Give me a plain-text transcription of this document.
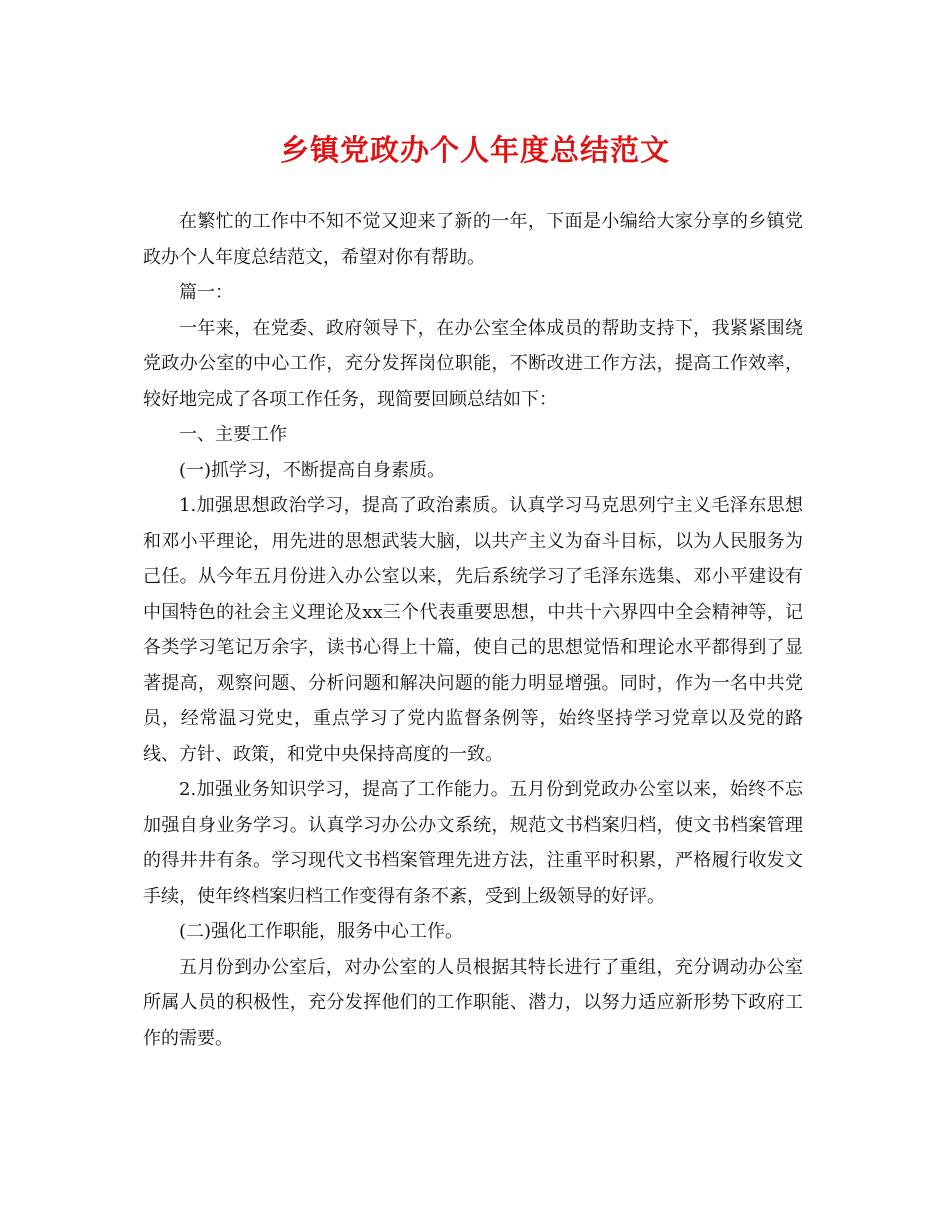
乡镇党政办个人年度总结范文

在繁忙的工作中不知不觉又迎来了新的一年，下面是小编给大家分享的乡镇党政办个人年度总结范文，希望对你有帮助。

篇一：

一年来，在党委、政府领导下，在办公室全体成员的帮助支持下，我紧紧围绕党政办公室的中心工作，充分发挥岗位职能，不断改进工作方法，提高工作效率，较好地完成了各项工作任务，现简要回顾总结如下：

一、主要工作

(一)抓学习，不断提高自身素质。

1.加强思想政治学习，提高了政治素质。认真学习马克思列宁主义毛泽东思想和邓小平理论，用先进的思想武装大脑，以共产主义为奋斗目标，以为人民服务为己任。从今年五月份进入办公室以来，先后系统学习了毛泽东选集、邓小平建设有中国特色的社会主义理论及xx三个代表重要思想，中共十六界四中全会精神等，记各类学习笔记万余字，读书心得上十篇，使自己的思想觉悟和理论水平都得到了显著提高，观察问题、分析问题和解决问题的能力明显增强。同时，作为一名中共党员，经常温习党史，重点学习了党内监督条例等，始终坚持学习党章以及党的路线、方针、政策，和党中央保持高度的一致。

2.加强业务知识学习，提高了工作能力。五月份到党政办公室以来，始终不忘加强自身业务学习。认真学习办公办文系统，规范文书档案归档，使文书档案管理的得井井有条。学习现代文书档案管理先进方法，注重平时积累，严格履行收发文手续，使年终档案归档工作变得有条不紊，受到上级领导的好评。

(二)强化工作职能，服务中心工作。

五月份到办公室后，对办公室的人员根据其特长进行了重组，充分调动办公室所属人员的积极性，充分发挥他们的工作职能、潜力，以努力适应新形势下政府工作的需要。
